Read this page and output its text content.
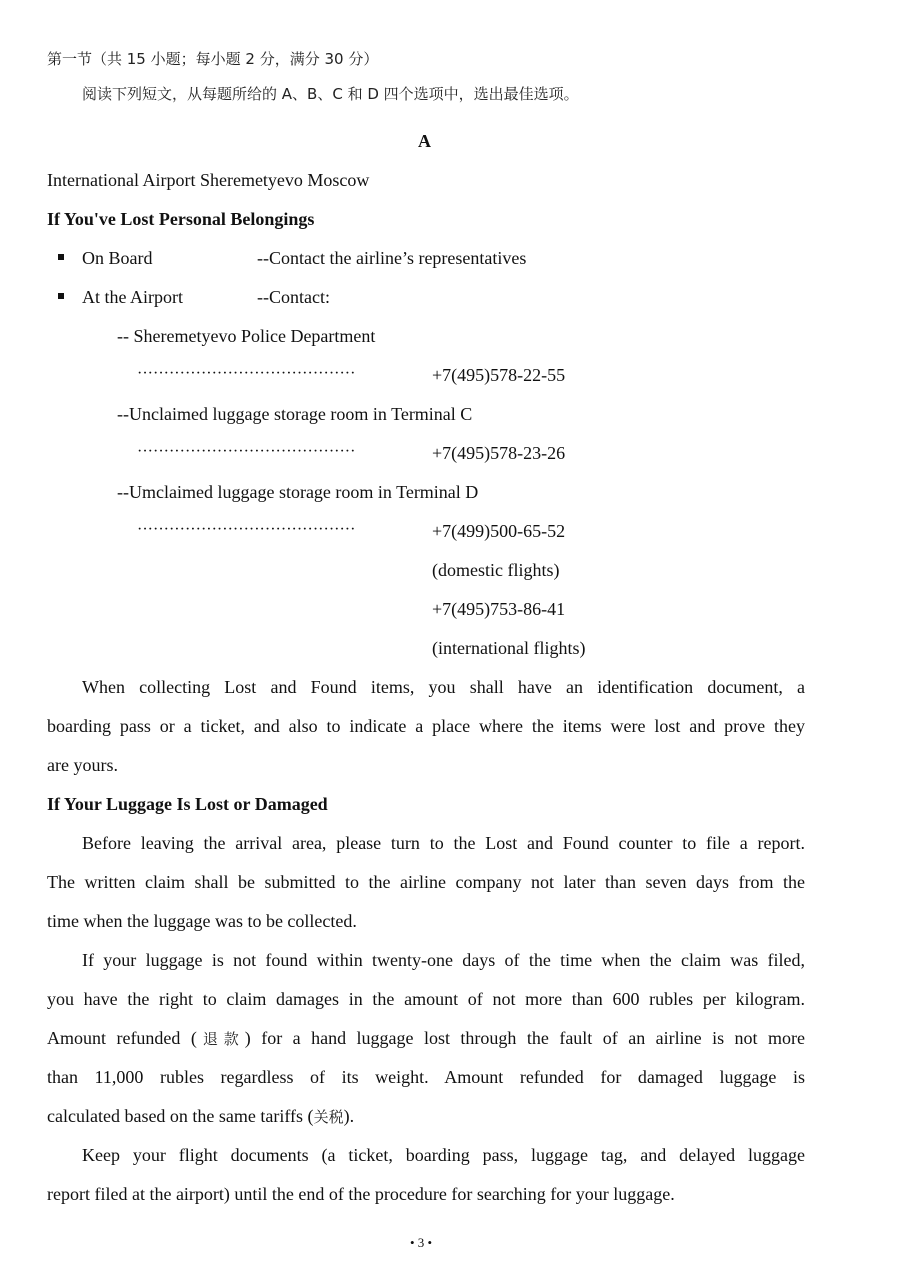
第一节（共 15 小题；每小题 2 分，满分 30 分）
阅读下列短文，从每题所给的 A、B、C 和 D 四个选项中，选出最佳选项。
A
International Airport Sheremetyevo Moscow
If You've Lost Personal Belongings
On Board	--Contact the airline’s representatives
At the Airport	--Contact:
-- Sheremetyevo Police Department
·········································	+7(495)578-22-55
--Unclaimed luggage storage room in Terminal C
·········································	+7(495)578-23-26
--Umclaimed luggage storage room in Terminal D
·········································	+7(499)500-65-52
(domestic flights)
+7(495)753-86-41
(international flights)
When collecting Lost and Found items, you shall have an identification document, a
boarding pass or a ticket, and also to indicate a place where the items were lost and prove they
are yours.
If Your Luggage Is Lost or Damaged
Before leaving the arrival area, please turn to the Lost and Found counter to file a report.
The written claim shall be submitted to the airline company not later than seven days from the
time when the luggage was to be collected.
If your luggage is not found within twenty-one days of the time when the claim was filed,
you have the right to claim damages in the amount of not more than 600 rubles per kilogram.
Amount refunded (退款) for a hand luggage lost through the fault of an airline is not more
than 11,000 rubles regardless of its weight. Amount refunded for damaged luggage is
calculated based on the same tariffs (关税).
Keep your flight documents (a ticket, boarding pass, luggage tag, and delayed luggage
report filed at the airport) until the end of the procedure for searching for your luggage.
• 3 •
